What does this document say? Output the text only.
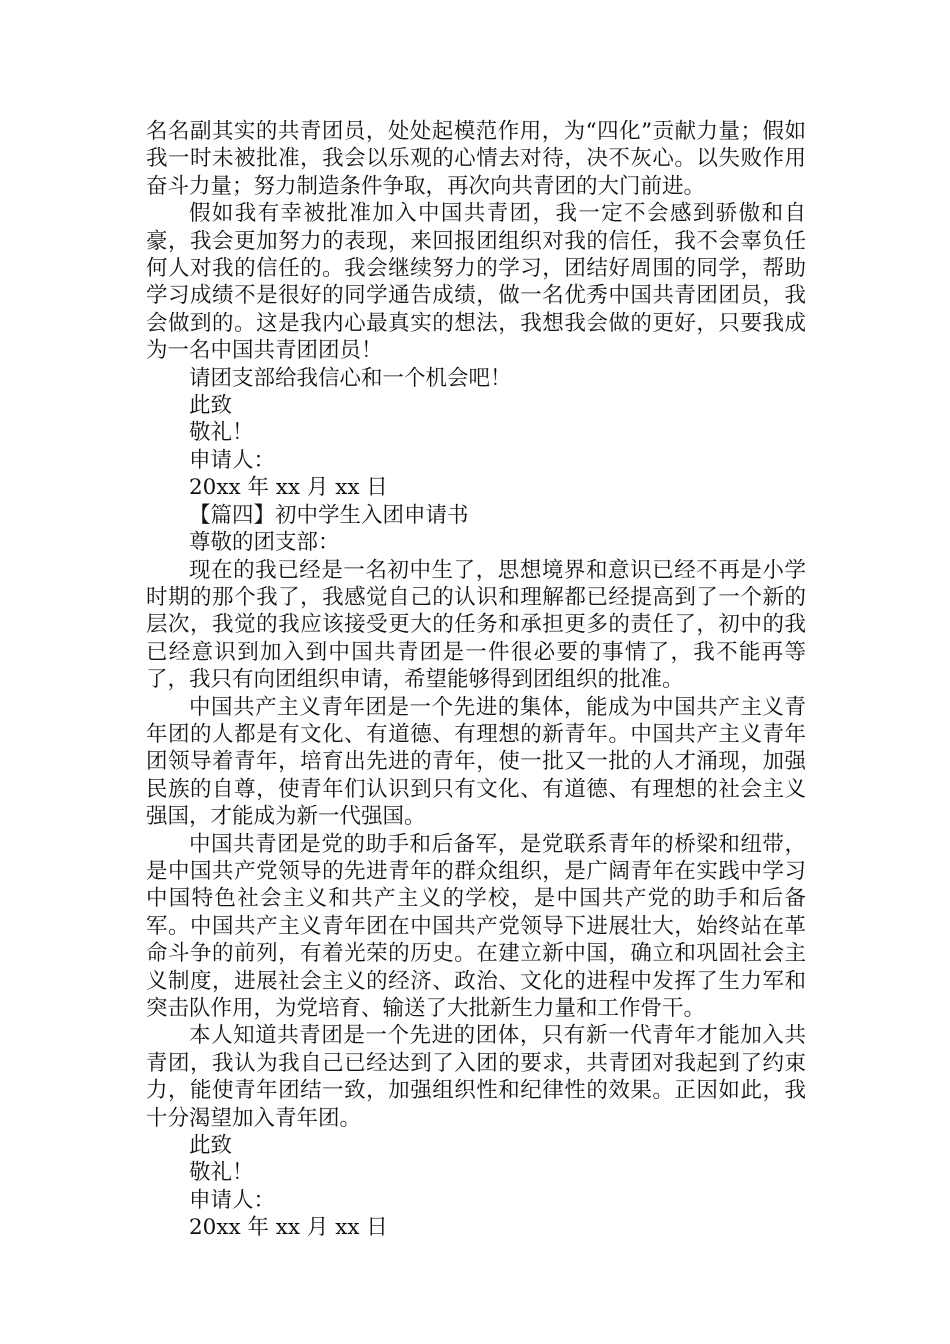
名名副其实的共青团员，处处起模范作用，为“四化”贡献力量；假如我一时未被批准，我会以乐观的心情去对待，决不灰心。以失败作用奋斗力量；努力制造条件争取，再次向共青团的大门前进。

假如我有幸被批准加入中国共青团，我一定不会感到骄傲和自豪，我会更加努力的表现，来回报团组织对我的信任，我不会辜负任何人对我的信任的。我会继续努力的学习，团结好周围的同学，帮助学习成绩不是很好的同学通告成绩，做一名优秀中国共青团团员，我会做到的。这是我内心最真实的想法，我想我会做的更好，只要我成为一名中国共青团团员！

请团支部给我信心和一个机会吧！

此致

敬礼！

申请人：

20xx 年 xx 月 xx 日

【篇四】初中学生入团申请书

尊敬的团支部：

现在的我已经是一名初中生了，思想境界和意识已经不再是小学时期的那个我了，我感觉自己的认识和理解都已经提高到了一个新的层次，我觉的我应该接受更大的任务和承担更多的责任了，初中的我已经意识到加入到中国共青团是一件很必要的事情了，我不能再等了，我只有向团组织申请，希望能够得到团组织的批准。

中国共产主义青年团是一个先进的集体，能成为中国共产主义青年团的人都是有文化、有道德、有理想的新青年。中国共产主义青年团领导着青年，培育出先进的青年，使一批又一批的人才涌现，加强民族的自尊，使青年们认识到只有文化、有道德、有理想的社会主义强国，才能成为新一代强国。

中国共青团是党的助手和后备军，是党联系青年的桥梁和纽带，是中国共产党领导的先进青年的群众组织，是广阔青年在实践中学习中国特色社会主义和共产主义的学校，是中国共产党的助手和后备军。中国共产主义青年团在中国共产党领导下进展壮大，始终站在革命斗争的前列，有着光荣的历史。在建立新中国，确立和巩固社会主义制度，进展社会主义的经济、政治、文化的进程中发挥了生力军和突击队作用，为党培育、输送了大批新生力量和工作骨干。

本人知道共青团是一个先进的团体，只有新一代青年才能加入共青团，我认为我自己已经达到了入团的要求，共青团对我起到了约束力，能使青年团结一致，加强组织性和纪律性的效果。正因如此，我十分渴望加入青年团。

此致

敬礼！

申请人：

20xx 年 xx 月 xx 日
